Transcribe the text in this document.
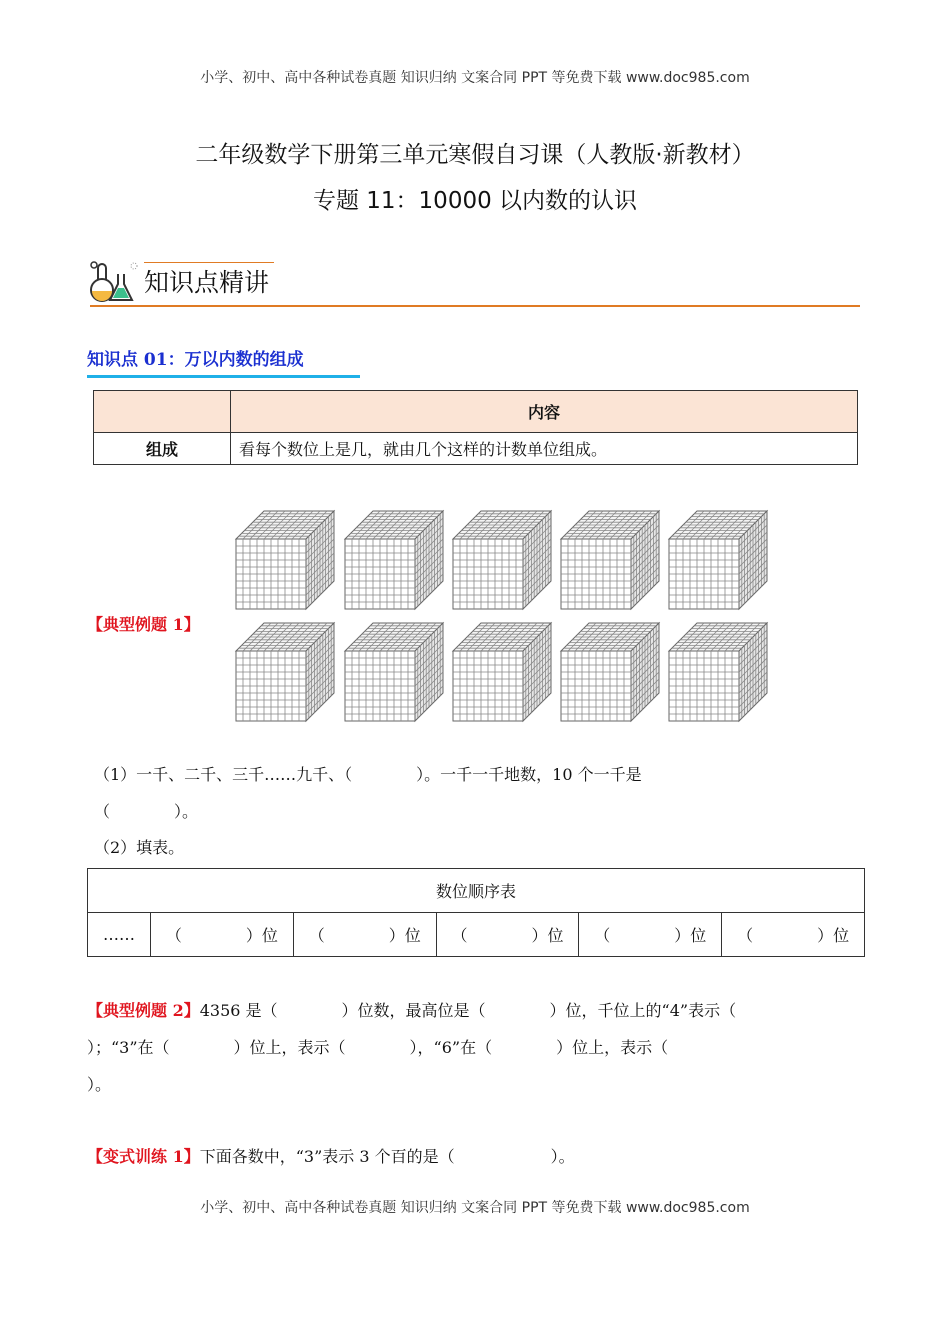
小学、初中、高中各种试卷真题 知识归纳 文案合同 PPT 等免费下载 www.doc985.com
二年级数学下册第三单元寒假自习课（人教版·新教材）
专题 11：10000 以内数的认识
知识点精讲
知识点 01：万以内数的组成
	内容
组成	看每个数位上是几，就由几个这样的计数单位组成。
【典型例题 1】
（1）一千、二千、三千……九千、（　　　　）。一千一千地数，10 个一千是
（　　　　）。
（2）填表。
数位顺序表
……	（　　　　）位	（　　　　）位	（　　　　）位	（　　　　）位	（　　　　）位
【典型例题 2】4356 是（　　　　）位数，最高位是（　　　　）位，千位上的“4”表示（
）；“3”在（　　　　）位上，表示（　　　　），“6”在（　　　　）位上，表示（
）。
【变式训练 1】下面各数中，“3”表示 3 个百的是（　　　　　　）。
小学、初中、高中各种试卷真题 知识归纳 文案合同 PPT 等免费下载 www.doc985.com
